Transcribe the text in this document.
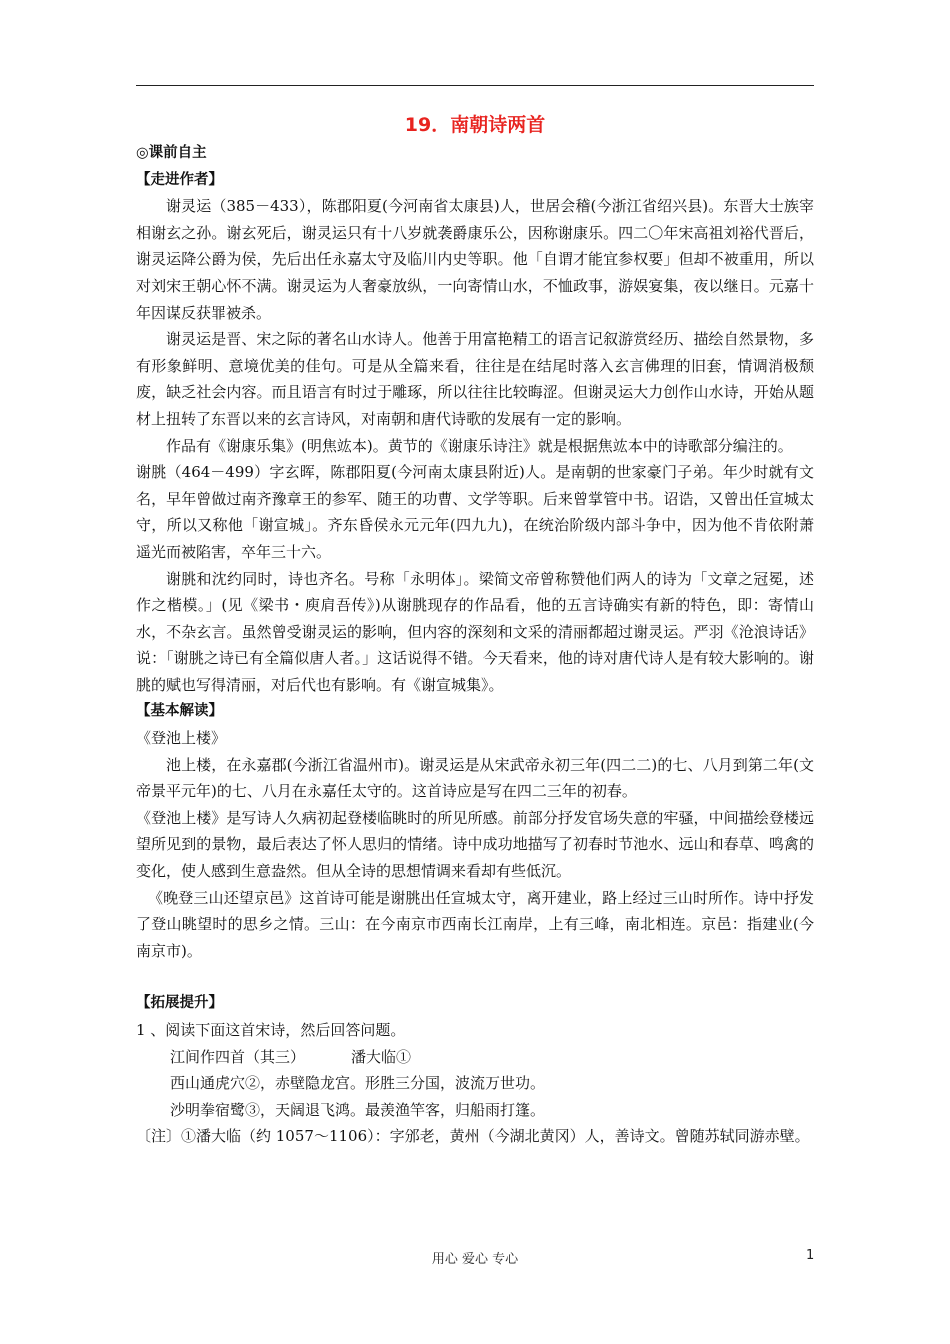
19．南朝诗两首
◎课前自主
【走进作者】
谢灵运（385－433），陈郡阳夏(今河南省太康县)人，世居会稽(今浙江省绍兴县)。东晋大士族宰相谢玄之孙。谢玄死后，谢灵运只有十八岁就袭爵康乐公，因称谢康乐。四二〇年宋高祖刘裕代晋后，谢灵运降公爵为侯，先后出任永嘉太守及临川内史等职。他「自谓才能宜参权要」但却不被重用，所以对刘宋王朝心怀不满。谢灵运为人奢豪放纵，一向寄情山水，不恤政事，游娱宴集，夜以继日。元嘉十年因谋反获罪被杀。
谢灵运是晋、宋之际的著名山水诗人。他善于用富艳精工的语言记叙游赏经历、描绘自然景物，多有形象鲜明、意境优美的佳句。可是从全篇来看，往往是在结尾时落入玄言佛理的旧套，情调消极颓废，缺乏社会内容。而且语言有时过于雕琢，所以往往比较晦涩。但谢灵运大力创作山水诗，开始从题材上扭转了东晋以来的玄言诗风，对南朝和唐代诗歌的发展有一定的影响。
作品有《谢康乐集》(明焦竑本)。黄节的《谢康乐诗注》就是根据焦竑本中的诗歌部分编注的。
谢朓（464－499）字玄晖，陈郡阳夏(今河南太康县附近)人。是南朝的世家豪门子弟。年少时就有文名，早年曾做过南齐豫章王的参军、随王的功曹、文学等职。后来曾掌管中书。诏诰，又曾出任宣城太守，所以又称他「谢宣城」。齐东昏侯永元元年(四九九)，在统治阶级内部斗争中，因为他不肯依附萧遥光而被陷害，卒年三十六。
谢朓和沈约同时，诗也齐名。号称「永明体」。梁简文帝曾称赞他们两人的诗为「文章之冠冕，述作之楷模。」(见《梁书・庾肩吾传》)从谢朓现存的作品看，他的五言诗确实有新的特色，即：寄情山水，不杂玄言。虽然曾受谢灵运的影响，但内容的深刻和文采的清丽都超过谢灵运。严羽《沧浪诗话》说：「谢朓之诗已有全篇似唐人者。」这话说得不错。今天看来，他的诗对唐代诗人是有较大影响的。谢朓的赋也写得清丽，对后代也有影响。有《谢宣城集》。
【基本解读】
《登池上楼》
池上楼，在永嘉郡(今浙江省温州市)。谢灵运是从宋武帝永初三年(四二二)的七、八月到第二年(文帝景平元年)的七、八月在永嘉任太守的。这首诗应是写在四二三年的初春。
《登池上楼》是写诗人久病初起登楼临眺时的所见所感。前部分抒发官场失意的牢骚，中间描绘登楼远望所见到的景物，最后表达了怀人思归的情绪。诗中成功地描写了初春时节池水、远山和春草、鸣禽的变化，使人感到生意盎然。但从全诗的思想情调来看却有些低沉。
《晚登三山还望京邑》这首诗可能是谢朓出任宣城太守，离开建业，路上经过三山时所作。诗中抒发了登山眺望时的思乡之情。三山：在今南京市西南长江南岸，上有三峰，南北相连。京邑：指建业(今南京市)。
【拓展提升】
1 、阅读下面这首宋诗，然后回答问题。
江间作四首（其三）	潘大临①
西山通虎穴②，赤壁隐龙宫。形胜三分国，波流万世功。
沙明拳宿鹭③，天阔退飞鸿。最羡渔竿客，归船雨打篷。
〔注〕①潘大临（约 1057～1106）：字邠老，黄州（今湖北黄冈）人，善诗文。曾随苏轼同游赤壁。
用心 爱心 专心	1
